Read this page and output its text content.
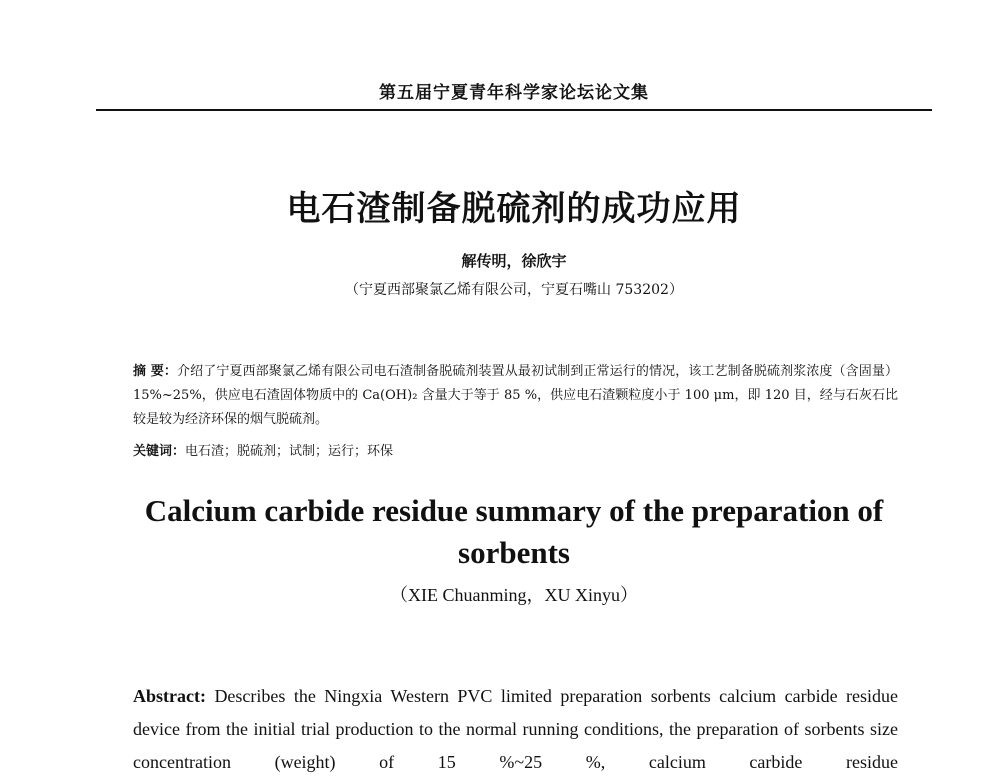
第五届宁夏青年科学家论坛论文集
电石渣制备脱硫剂的成功应用
解传明，徐欣宇
（宁夏西部聚氯乙烯有限公司，宁夏石嘴山 753202）
摘 要：介绍了宁夏西部聚氯乙烯有限公司电石渣制备脱硫剂装置从最初试制到正常运行的情况，该工艺制备脱硫剂浆浓度（含固量）15%~25%，供应电石渣固体物质中的 Ca(OH)₂ 含量大于等于 85 %，供应电石渣颗粒度小于 100 μm，即 120 目，经与石灰石比较是较为经济环保的烟气脱硫剂。
关键词：电石渣；脱硫剂；试制；运行；环保
Calcium carbide residue summary of the preparation of sorbents
（XIE Chuanming，XU Xinyu）
Abstract: Describes the Ningxia Western PVC limited preparation sorbents calcium carbide residue device from the initial trial production to the normal running conditions, the preparation of sorbents size concentration (weight) of 15 %~25 %, calcium carbide residue
